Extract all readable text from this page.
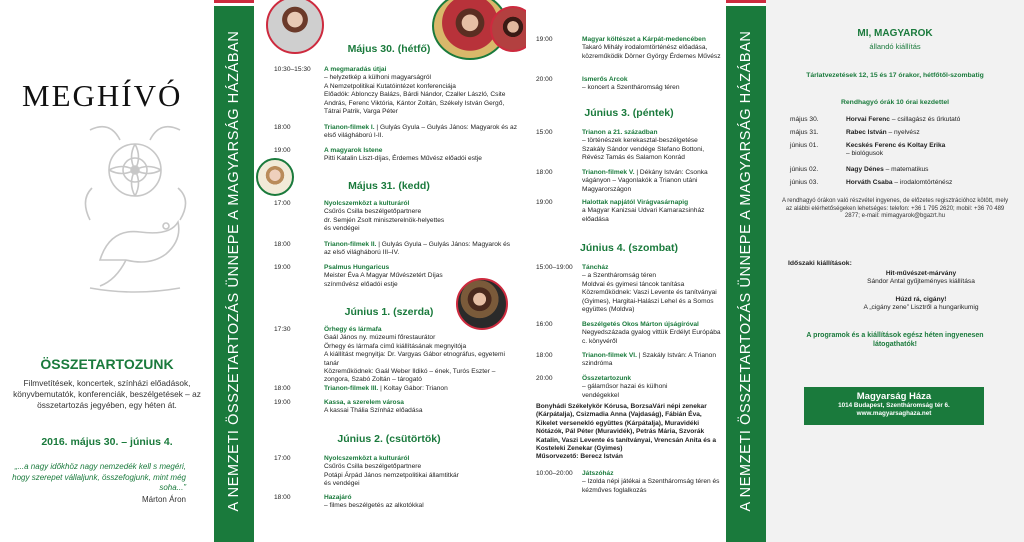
MEGHÍVÓ
ÖSSZETARTOZUNK
Filmvetítések, koncertek, színházi előadások, könyvbemutatók, konferenciák, beszélgetések – az összetartozás jegyében, egy héten át.
2016. május 30. – június 4.
„...a nagy időkhöz nagy nemzedék kell s megéri, hogy szerepet vállaljunk, összefogjunk, mint még soha...”
Márton Áron	A NEMZETI ÖSSZETARTOZÁS ÜNNEPE A MAGYARSÁG HÁZÁBAN	Május 30. (hétfő)
10:30–15:30	A megmaradás útjai
– helyzetkép a külhoni magyarságról
A Nemzetpolitikai Kutatóintézet konferenciája
Előadók: Ablonczy Balázs, Bárdi Nándor, Czaller László, Csite András, Ferenc Viktória, Kántor Zoltán, Székely István Gergő, Tátrai Patrik, Varga Péter
18:00	Trianon-filmek I. | Gulyás Gyula – Gulyás János: Magyarok és az első világháború I-II.
19:00	A magyarok Istene
Pitti Katalin Liszt-díjas, Érdemes Művész előadói estje
Május 31. (kedd)
17:00	Nyolcszemközt a kulturáról
Csűrös Csilla beszélgetőpartnere
dr. Semjén Zsolt miniszterelnök-helyettes
és vendégei
18:00	Trianon-filmek II. | Gulyás Gyula – Gulyás János: Magyarok és az első világháború III–IV.
19:00	Psalmus Hungaricus
Meister Éva A Magyar Művészetért Díjas színművész előadói estje
Június 1. (szerda)
17:30	Örhegy és lármafa
Gaál János ny. múzeumi főrestaurátor
Örhegy és lármafa című kiállításának megnyitója
A kiállítást megnyitja: Dr. Vargyas Gábor etnográfus, egyetemi tanár
Közreműködnek: Gaál Weber Ildikó – ének, Turós Eszter – zongora, Szabó Zoltán – tárogató
18:00	Trianon-filmek III. | Koltay Gábor: Trianon
19:00	Kassa, a szerelem városa
A kassai Thália Színház előadása
Június 2. (csütörtök)
17:00	Nyolcszemközt a kulturáról
Csűrös Csilla beszélgetőpartnere
Potápi Árpád János nemzetpolitikai államtitkár
és vendégei
18:00	Hazajáró
– filmes beszélgetés az alkotókkal
19:00	Magyar költészet a Kárpát-medencében
Takaró Mihály irodalomtörténész előadása, közreműködik Dörner György Érdemes Művész
20:00	Ismerős Arcok
– koncert a Szentháromság téren
Június 3. (péntek)
15:00	Trianon a 21. században
– történészek kerekasztal-beszélgetése
Szakály Sándor vendége Stefano Bottoni, Révész Tamás és Salamon Konrád
18:00	Trianon-filmek V. | Dékány István: Csonka vágányon – Vagonlakók a Trianon utáni Magyarországon
19:00	Halottak napjától Virágvasárnapig
a Magyar Kanizsai Udvari Kamarazsinház előadása
Június 4. (szombat)
15:00–19:00	Táncház
– a Szentháromság téren
Moldvai és gyimesi táncok tanítása
Közreműködnek: Vaszi Levente és tanítványai (Gyimes), Hargitai-Halászi Lehel és a Somos együttes (Moldva)
16:00	Beszélgetés Okos Márton újságíróval
Negyedszázada gyalog vittük Erdélyt Európába c. könyvéről
18:00	Trianon-filmek VI. | Szakály István: A Trianon szindróma
20:00	Összetartozunk
– gálaműsor hazai és külhoni
vendégekkel
Bonyhádi Székelykör Kórusa, BorzsaVári népi zenekar (Kárpátalja), Csizmadia Anna (Vajdaság), Fábián Éva, Kikelet versenekló együttes (Kárpátalja), Muravidéki Nótázók, Pál Péter (Muravidék), Petrás Mária, Szvorák Katalin, Vaszi Levente és tanítványai, Vrencsán Anita és a Kosteleki Zenekar (Gyimes)
Műsorvezető: Berecz István
10:00–20:00	Játszóház
– Izolda népi játékai a Szentháromság téren és kézműves foglalkozás	A NEMZETI ÖSSZETARTOZÁS ÜNNEPE A MAGYARSÁG HÁZÁBAN	MI, MAGYAROK
állandó kiállítás
Tárlatvezetések 12, 15 és 17 órakor, hétfőtől-szombatig
Rendhagyó órák 10 órai kezdettel
május 30.	Horvai Ferenc – csillagász és űrkutató
május 31.	Rabec István – nyelvész
június 01.	Kecskés Ferenc és Koltay Erika
– biológusok
június 02.	Nagy Dénes – matematikus
június 03.	Horváth Csaba – irodalomtörténész
A rendhagyó órákon való részvétel ingyenes, de előzetes regisztrációhoz kötött, mely az alábbi elérhetőségeken lehetséges: telefon: +36 1 795 2620; mobil: +36 70 489 2877; e-mail: mimagyarok@bgazrt.hu
Időszaki kiállítások:
Hit-művészet-márvány
Sándor Antal gyűjteményes kiállítása
Húzd rá, cigány!
A „cigány zene” Lisztről a hungarikumig
A programok és a kiállítások egész héten ingyenesen látogathatók!
Magyarság Háza
1014 Budapest, Szentháromság tér 6.
www.magyarsaghaza.net
